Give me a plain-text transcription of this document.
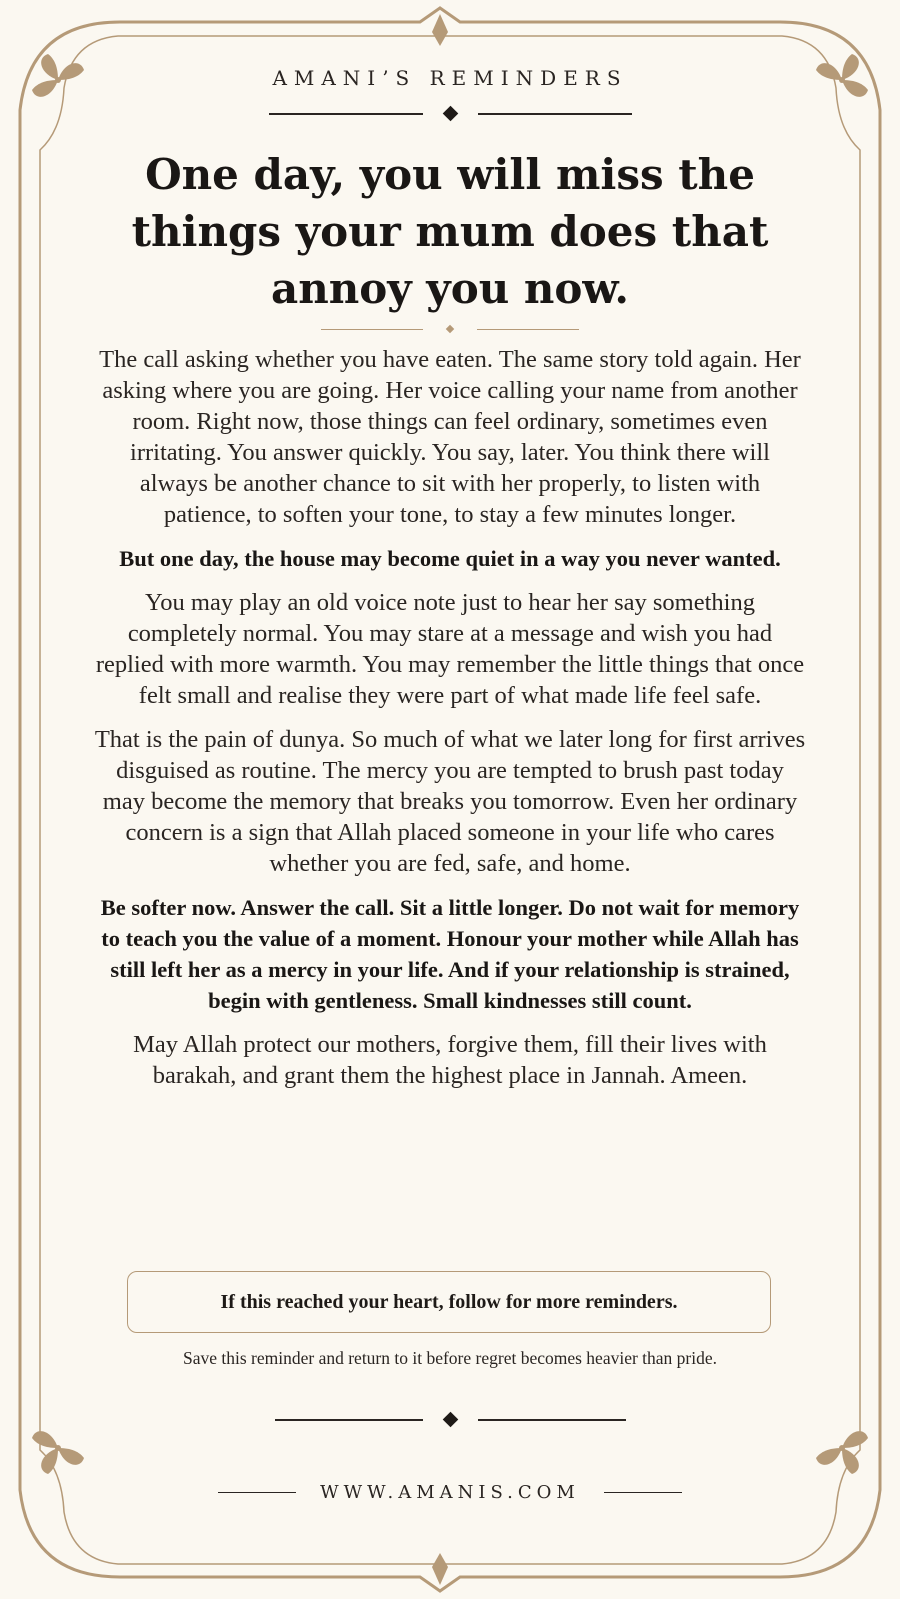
AMANI’S REMINDERS
One day, you will miss the things your mum does that annoy you now.

The call asking whether you have eaten. The same story told again. Her asking where you are going. Her voice calling your name from another room. Right now, those things can feel ordinary, sometimes even irritating. You answer quickly. You say, later. You think there will always be another chance to sit with her properly, to listen with patience, to soften your tone, to stay a few minutes longer.

But one day, the house may become quiet in a way you never wanted.

You may play an old voice note just to hear her say something completely normal. You may stare at a message and wish you had replied with more warmth. You may remember the little things that once felt small and realise they were part of what made life feel safe.

That is the pain of dunya. So much of what we later long for first arrives disguised as routine. The mercy you are tempted to brush past today may become the memory that breaks you tomorrow. Even her ordinary concern is a sign that Allah placed someone in your life who cares whether you are fed, safe, and home.

Be softer now. Answer the call. Sit a little longer. Do not wait for memory to teach you the value of a moment. Honour your mother while Allah has still left her as a mercy in your life. And if your relationship is strained, begin with gentleness. Small kindnesses still count.

May Allah protect our mothers, forgive them, fill their lives with barakah, and grant them the highest place in Jannah. Ameen.

If this reached your heart, follow for more reminders.
Save this reminder and return to it before regret becomes heavier than pride.
WWW.AMANIS.COM
